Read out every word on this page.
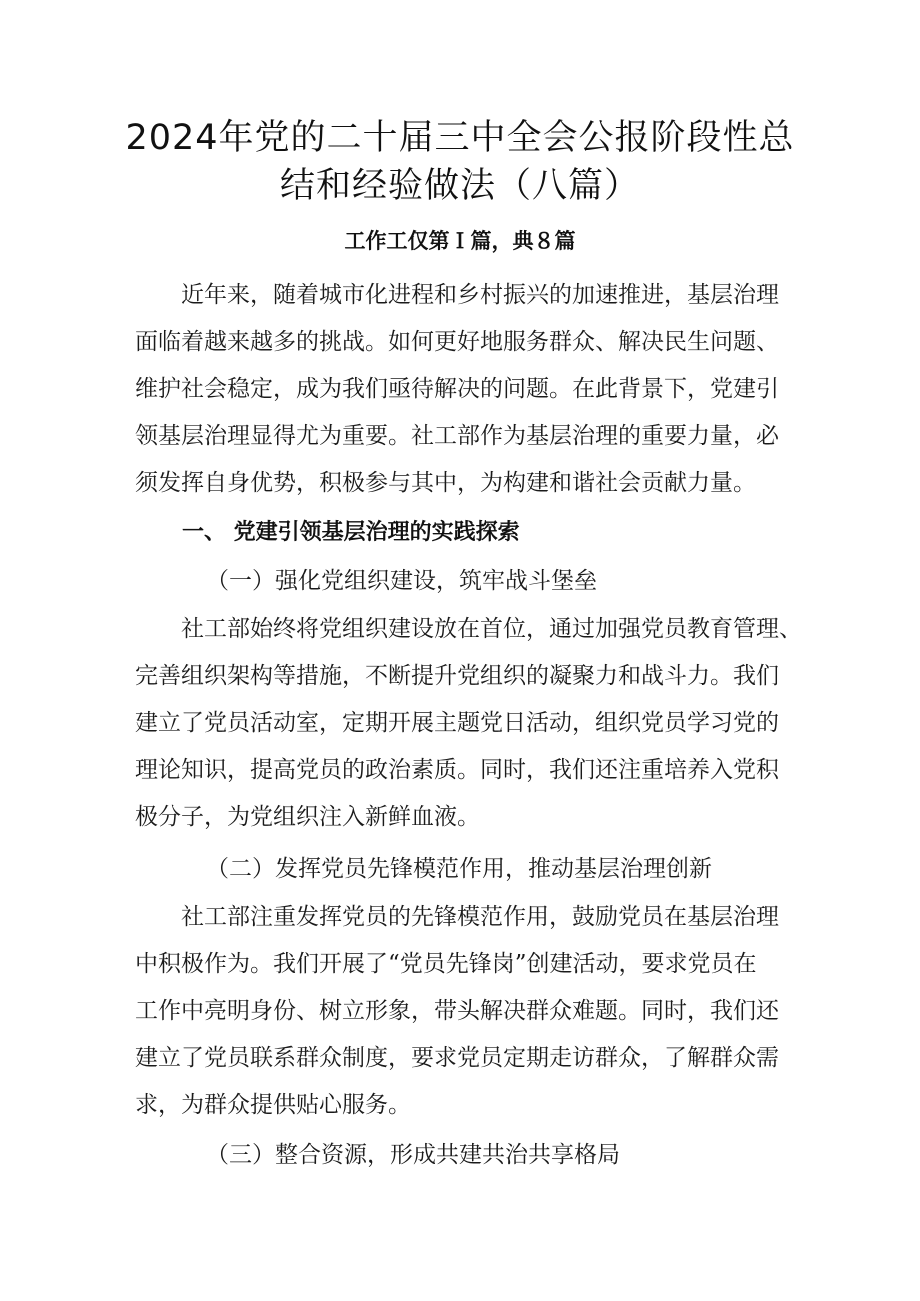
2024年党的二十届三中全会公报阶段性总
结和经验做法（八篇）
工作工仅第Ｉ篇，典８篇
近年来，随着城市化进程和乡村振兴的加速推进，基层治理
面临着越来越多的挑战。如何更好地服务群众、解决民生问题、
维护社会稳定，成为我们亟待解决的问题。在此背景下，党建引
领基层治理显得尤为重要。社工部作为基层治理的重要力量，必
须发挥自身优势，积极参与其中，为构建和谐社会贡献力量。
一、 党建引领基层治理的实践探索
（一）强化党组织建设，筑牢战斗堡垒
社工部始终将党组织建设放在首位，通过加强党员教育管理、
完善组织架构等措施，不断提升党组织的凝聚力和战斗力。我们
建立了党员活动室，定期开展主题党日活动，组织党员学习党的
理论知识，提高党员的政治素质。同时，我们还注重培养入党积
极分子，为党组织注入新鲜血液。
（二）发挥党员先锋模范作用，推动基层治理创新
社工部注重发挥党员的先锋模范作用，鼓励党员在基层治理
中积极作为。我们开展了“党员先锋岗”创建活动，要求党员在
工作中亮明身份、树立形象，带头解决群众难题。同时，我们还
建立了党员联系群众制度，要求党员定期走访群众，了解群众需
求，为群众提供贴心服务。
（三）整合资源，形成共建共治共享格局
